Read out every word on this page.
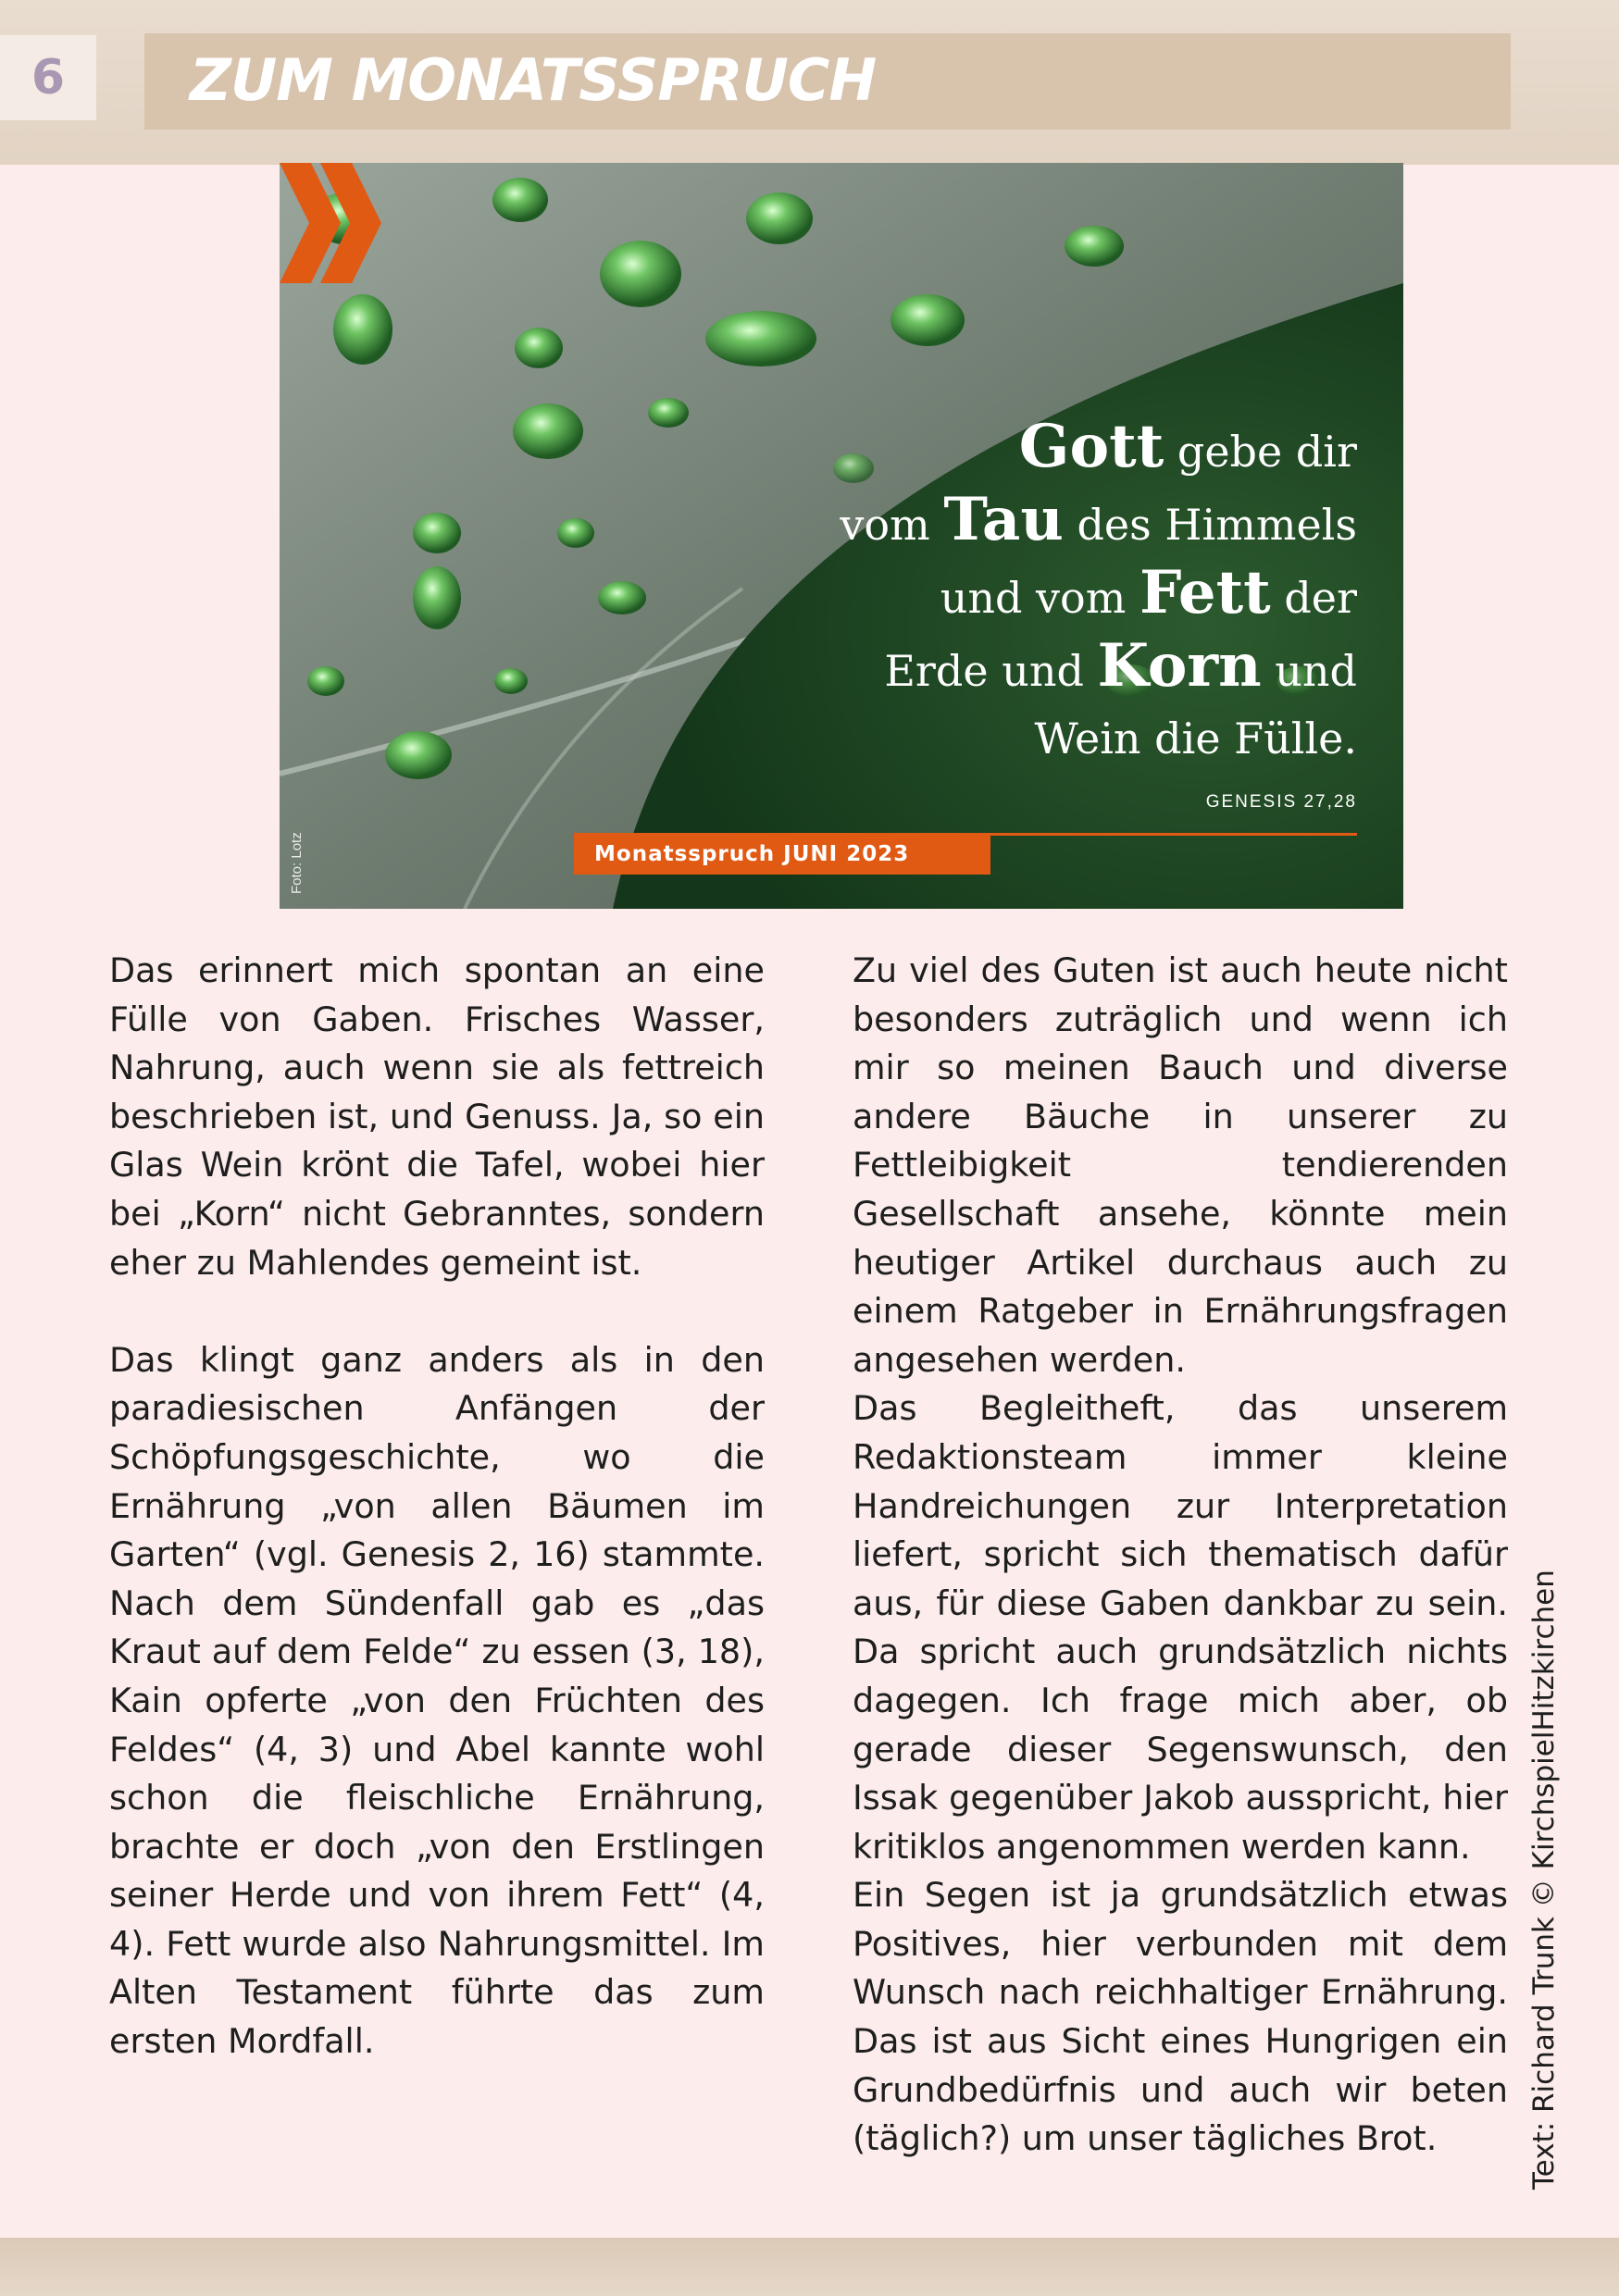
6	ZUM MONATSSPRUCH
Gott gebe dir
vom Tau des Himmels
und vom Fett der
Erde und Korn und
Wein die Fülle.
GENESIS 27,28
Monatsspruch JUNI 2023
Foto: Lotz

Das erinnert mich spontan an eine Fülle von Gaben. Frisches Wasser, Nahrung, auch wenn sie als fettreich beschrieben ist, und Genuss. Ja, so ein Glas Wein krönt die Tafel, wobei hier bei „Korn“ nicht Gebranntes, sondern eher zu Mahlendes gemeint ist.

Das klingt ganz anders als in den paradiesischen Anfängen der Schöpfungsgeschichte, wo die Ernährung „von allen Bäumen im Garten“ (vgl. Genesis 2, 16) stammte. Nach dem Sündenfall gab es „das Kraut auf dem Felde“ zu essen (3, 18), Kain opferte „von den Früchten des Feldes“ (4, 3) und Abel kannte wohl schon die fleischliche Ernährung, brachte er doch „von den Erstlingen seiner Herde und von ihrem Fett“ (4, 4). Fett wurde also Nahrungsmittel. Im Alten Testament führte das zum ersten Mordfall.

Zu viel des Guten ist auch heute nicht besonders zuträglich und wenn ich mir so meinen Bauch und diverse andere Bäuche in unserer zu Fettleibigkeit tendierenden Gesellschaft ansehe, könnte mein heutiger Artikel durchaus auch zu einem Ratgeber in Ernährungsfragen angesehen werden.

Das Begleitheft, das unserem Redaktionsteam immer kleine Handreichungen zur Interpretation liefert, spricht sich thematisch dafür aus, für diese Gaben dankbar zu sein. Da spricht auch grundsätzlich nichts dagegen. Ich frage mich aber, ob gerade dieser Segenswunsch, den Issak gegenüber Jakob ausspricht, hier kritiklos angenommen werden kann.

Ein Segen ist ja grundsätzlich etwas Positives, hier verbunden mit dem Wunsch nach reichhaltiger Ernährung. Das ist aus Sicht eines Hungrigen ein Grundbedürfnis und auch wir beten (täglich?) um unser tägliches Brot.	Text: Richard Trunk © KirchspielHitzkirchen
